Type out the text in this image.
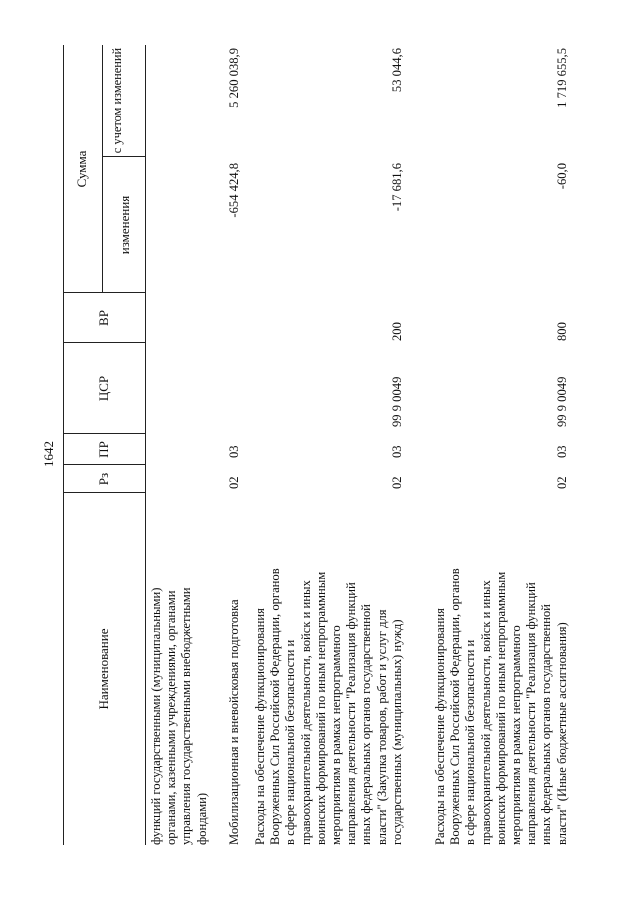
1642
Наименование
Рз
ПР
ЦСР
ВР
Сумма
изменения
с учетом изменений
функций государственными (муниципальными) органами, казенными учреждениями, органами управления государственными внебюджетными фондами) Мобилизационная и вневойсковая подготовка
02
03
-654 424,8
5 260 038,9
Расходы на обеспечение функционирования Вооруженных Сил Российской Федерации, органов в сфере национальной безопасности и правоохранительной деятельности, войск и иных воинских формирований по иным непрограммным мероприятиям в рамках непрограммного направления деятельности "Реализация функций иных федеральных органов государственной власти" (Закупка товаров, работ и услуг для государственных (муниципальных) нужд)
02
03
99 9 0049
200
-17 681,6
53 044,6
Расходы на обеспечение функционирования Вооруженных Сил Российской Федерации, органов в сфере национальной безопасности и правоохранительной деятельности, войск и иных воинских формирований по иным непрограммным мероприятиям в рамках непрограммного направления деятельности "Реализация функций иных федеральных органов государственной власти" (Иные бюджетные ассигнования)
02
03
99 9 0049
800
-60,0
1 719 655,5
